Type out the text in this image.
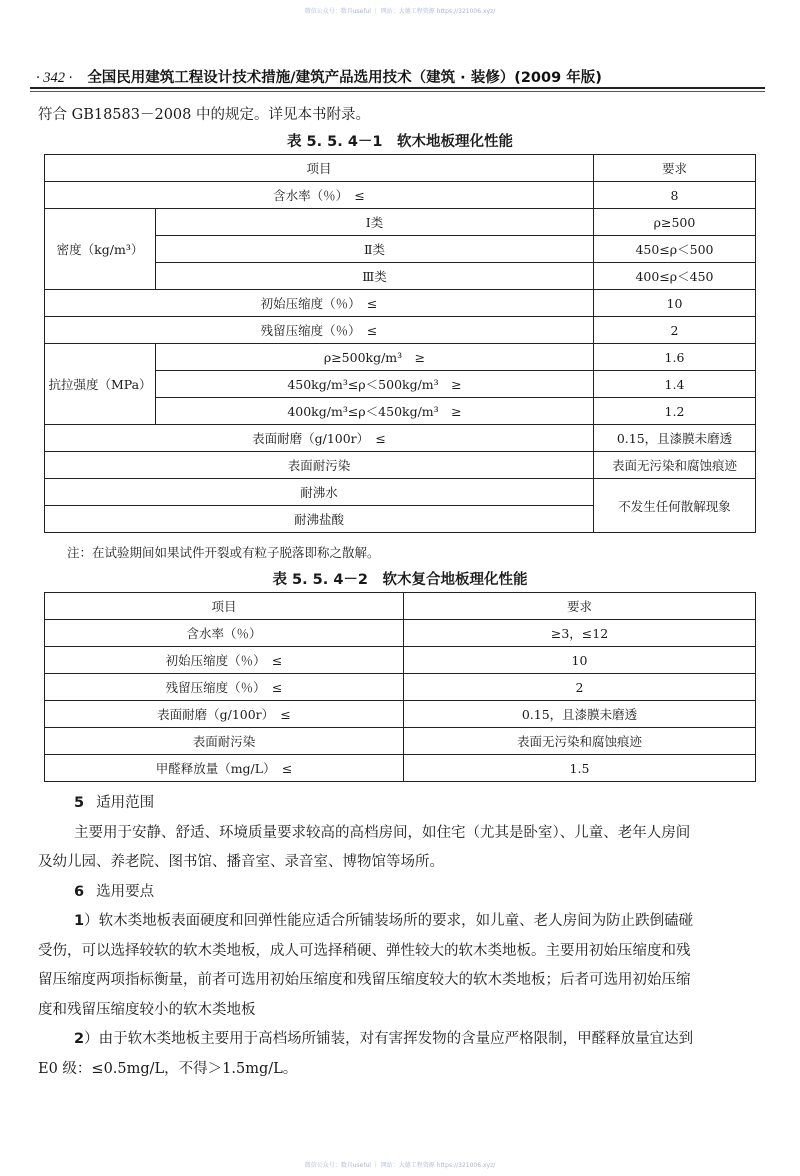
微信公众号：数具useful ｜ 网站：大德工程资源 https://321006.xyz/
· 342 · 全国民用建筑工程设计技术措施/建筑产品选用技术（建筑 · 装修）(2009 年版)
符合 GB18583－2008 中的规定。详见本书附录。
表 5. 5. 4－1　软木地板理化性能
项目		要求
含水率（％）　≤		8
密度（kg/m³）	Ⅰ类	ρ≥500
	Ⅱ类	450≤ρ＜500
	Ⅲ类	400≤ρ＜450
初始压缩度（％）　≤		10
残留压缩度（％）　≤		2
抗拉强度（MPa）	ρ≥500kg/m³　≥	1.6
	450kg/m³≤ρ＜500kg/m³　≥	1.4
	400kg/m³≤ρ＜450kg/m³　≥	1.2
表面耐磨（g/100r）　≤		0.15，且漆膜未磨透
表面耐污染		表面无污染和腐蚀痕迹
耐沸水		不发生任何散解现象
耐沸盐酸		
注：在试验期间如果试件开裂或有粒子脱落即称之散解。
表 5. 5. 4－2　软木复合地板理化性能
项目	要求
含水率（％）	≥3，≤12
初始压缩度（％）　≤	10
残留压缩度（％）　≤	2
表面耐磨（g/100r）　≤	0.15，且漆膜未磨透
表面耐污染	表面无污染和腐蚀痕迹
甲醛释放量（mg/L）　≤	1.5
5 适用范围
主要用于安静、舒适、环境质量要求较高的高档房间，如住宅（尤其是卧室）、儿童、老年人房间
及幼儿园、养老院、图书馆、播音室、录音室、博物馆等场所。
6 选用要点
1）软木类地板表面硬度和回弹性能应适合所铺装场所的要求，如儿童、老人房间为防止跌倒磕碰
受伤，可以选择较软的软木类地板，成人可选择稍硬、弹性较大的软木类地板。主要用初始压缩度和残
留压缩度两项指标衡量，前者可选用初始压缩度和残留压缩度较大的软木类地板；后者可选用初始压缩
度和残留压缩度较小的软木类地板
2）由于软木类地板主要用于高档场所铺装，对有害挥发物的含量应严格限制，甲醛释放量宜达到
E0 级：≤0.5mg/L，不得＞1.5mg/L。
微信公众号：数具useful ｜ 网站：大德工程资源 https://321006.xyz/
